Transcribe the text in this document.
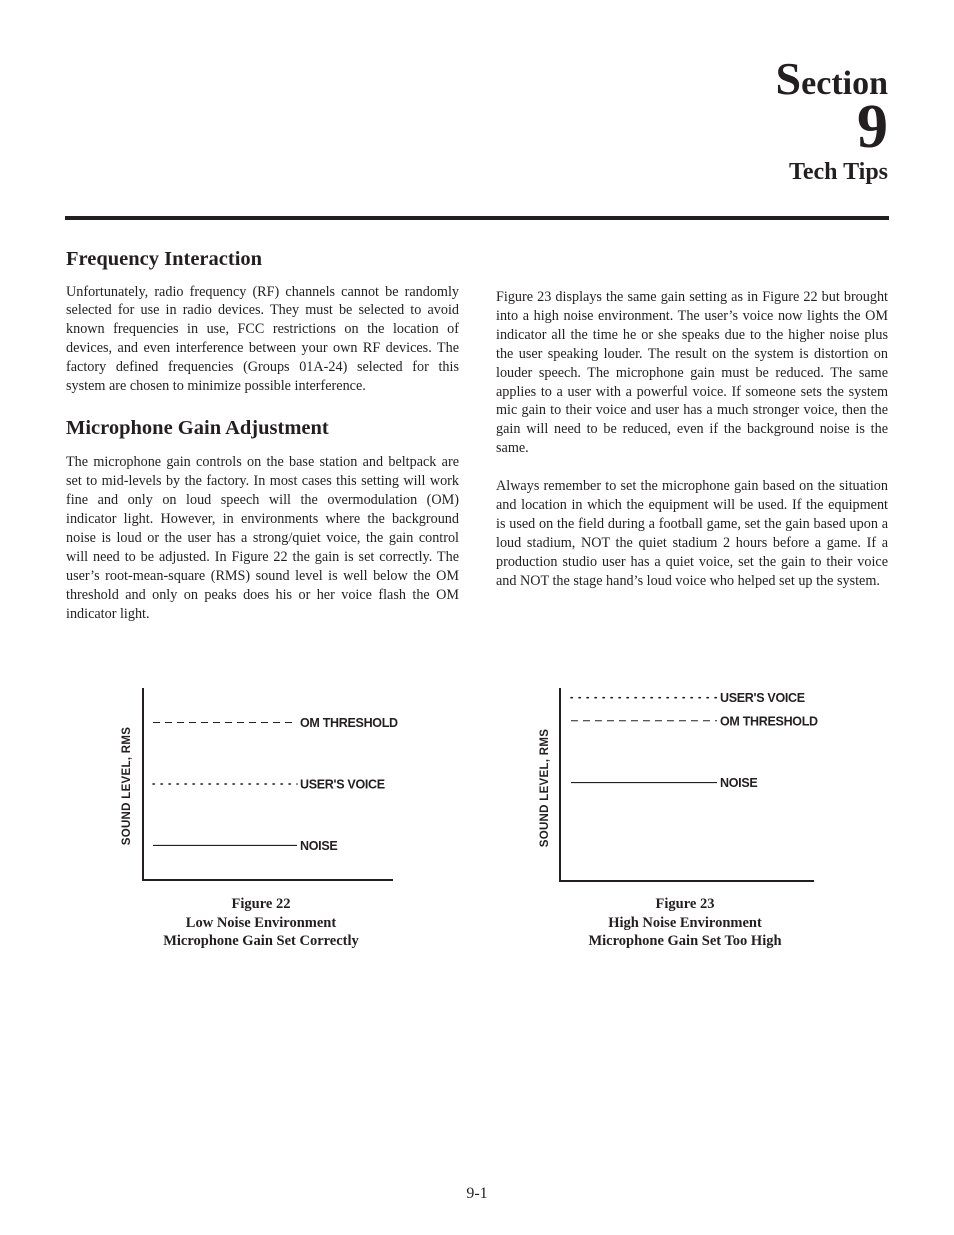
Section
9
Tech Tips
Frequency Interaction

Unfortunately, radio frequency (RF) channels cannot be randomly selected for use in radio devices. They must be selected to avoid known frequencies in use, FCC restrictions on the location of devices, and even interference between your own RF devices. The factory defined frequencies (Groups 01A-24) selected for this system are chosen to minimize possible interference.

Microphone Gain Adjustment

The microphone gain controls on the base station and beltpack are set to mid-levels by the factory. In most cases this setting will work fine and only on loud speech will the overmodulation (OM) indicator light. However, in environments where the background noise is loud or the user has a strong/quiet voice, the gain control will need to be adjusted. In Figure 22 the gain is set correctly. The user’s root-mean-square (RMS) sound level is well below the OM threshold and only on peaks does his or her voice flash the OM indicator light.

Figure 23 displays the same gain setting as in Figure 22 but brought into a high noise environment. The user’s voice now lights the OM indicator all the time he or she speaks due to the higher noise plus the user speaking louder. The result on the system is distortion on louder speech. The microphone gain must be reduced. The same applies to a user with a powerful voice. If someone sets the system mic gain to their voice and user has a much stronger voice, then the gain will need to be reduced, even if the background noise is the same.

Always remember to set the microphone gain based on the situation and location in which the equipment will be used. If the equipment is used on the field during a football game, set the gain based upon a loud stadium, NOT the quiet stadium 2 hours before a game. If a production studio user has a quiet voice, set the gain to their voice and NOT the stage hand’s loud voice who helped set up the system.

SOUND LEVEL, RMS
OM THRESHOLD
USER'S VOICE
NOISE
Figure 22
Low Noise Environment
Microphone Gain Set Correctly
SOUND LEVEL, RMS
USER'S VOICE
OM THRESHOLD
NOISE
Figure 23
High Noise Environment
Microphone Gain Set Too High
9-1
